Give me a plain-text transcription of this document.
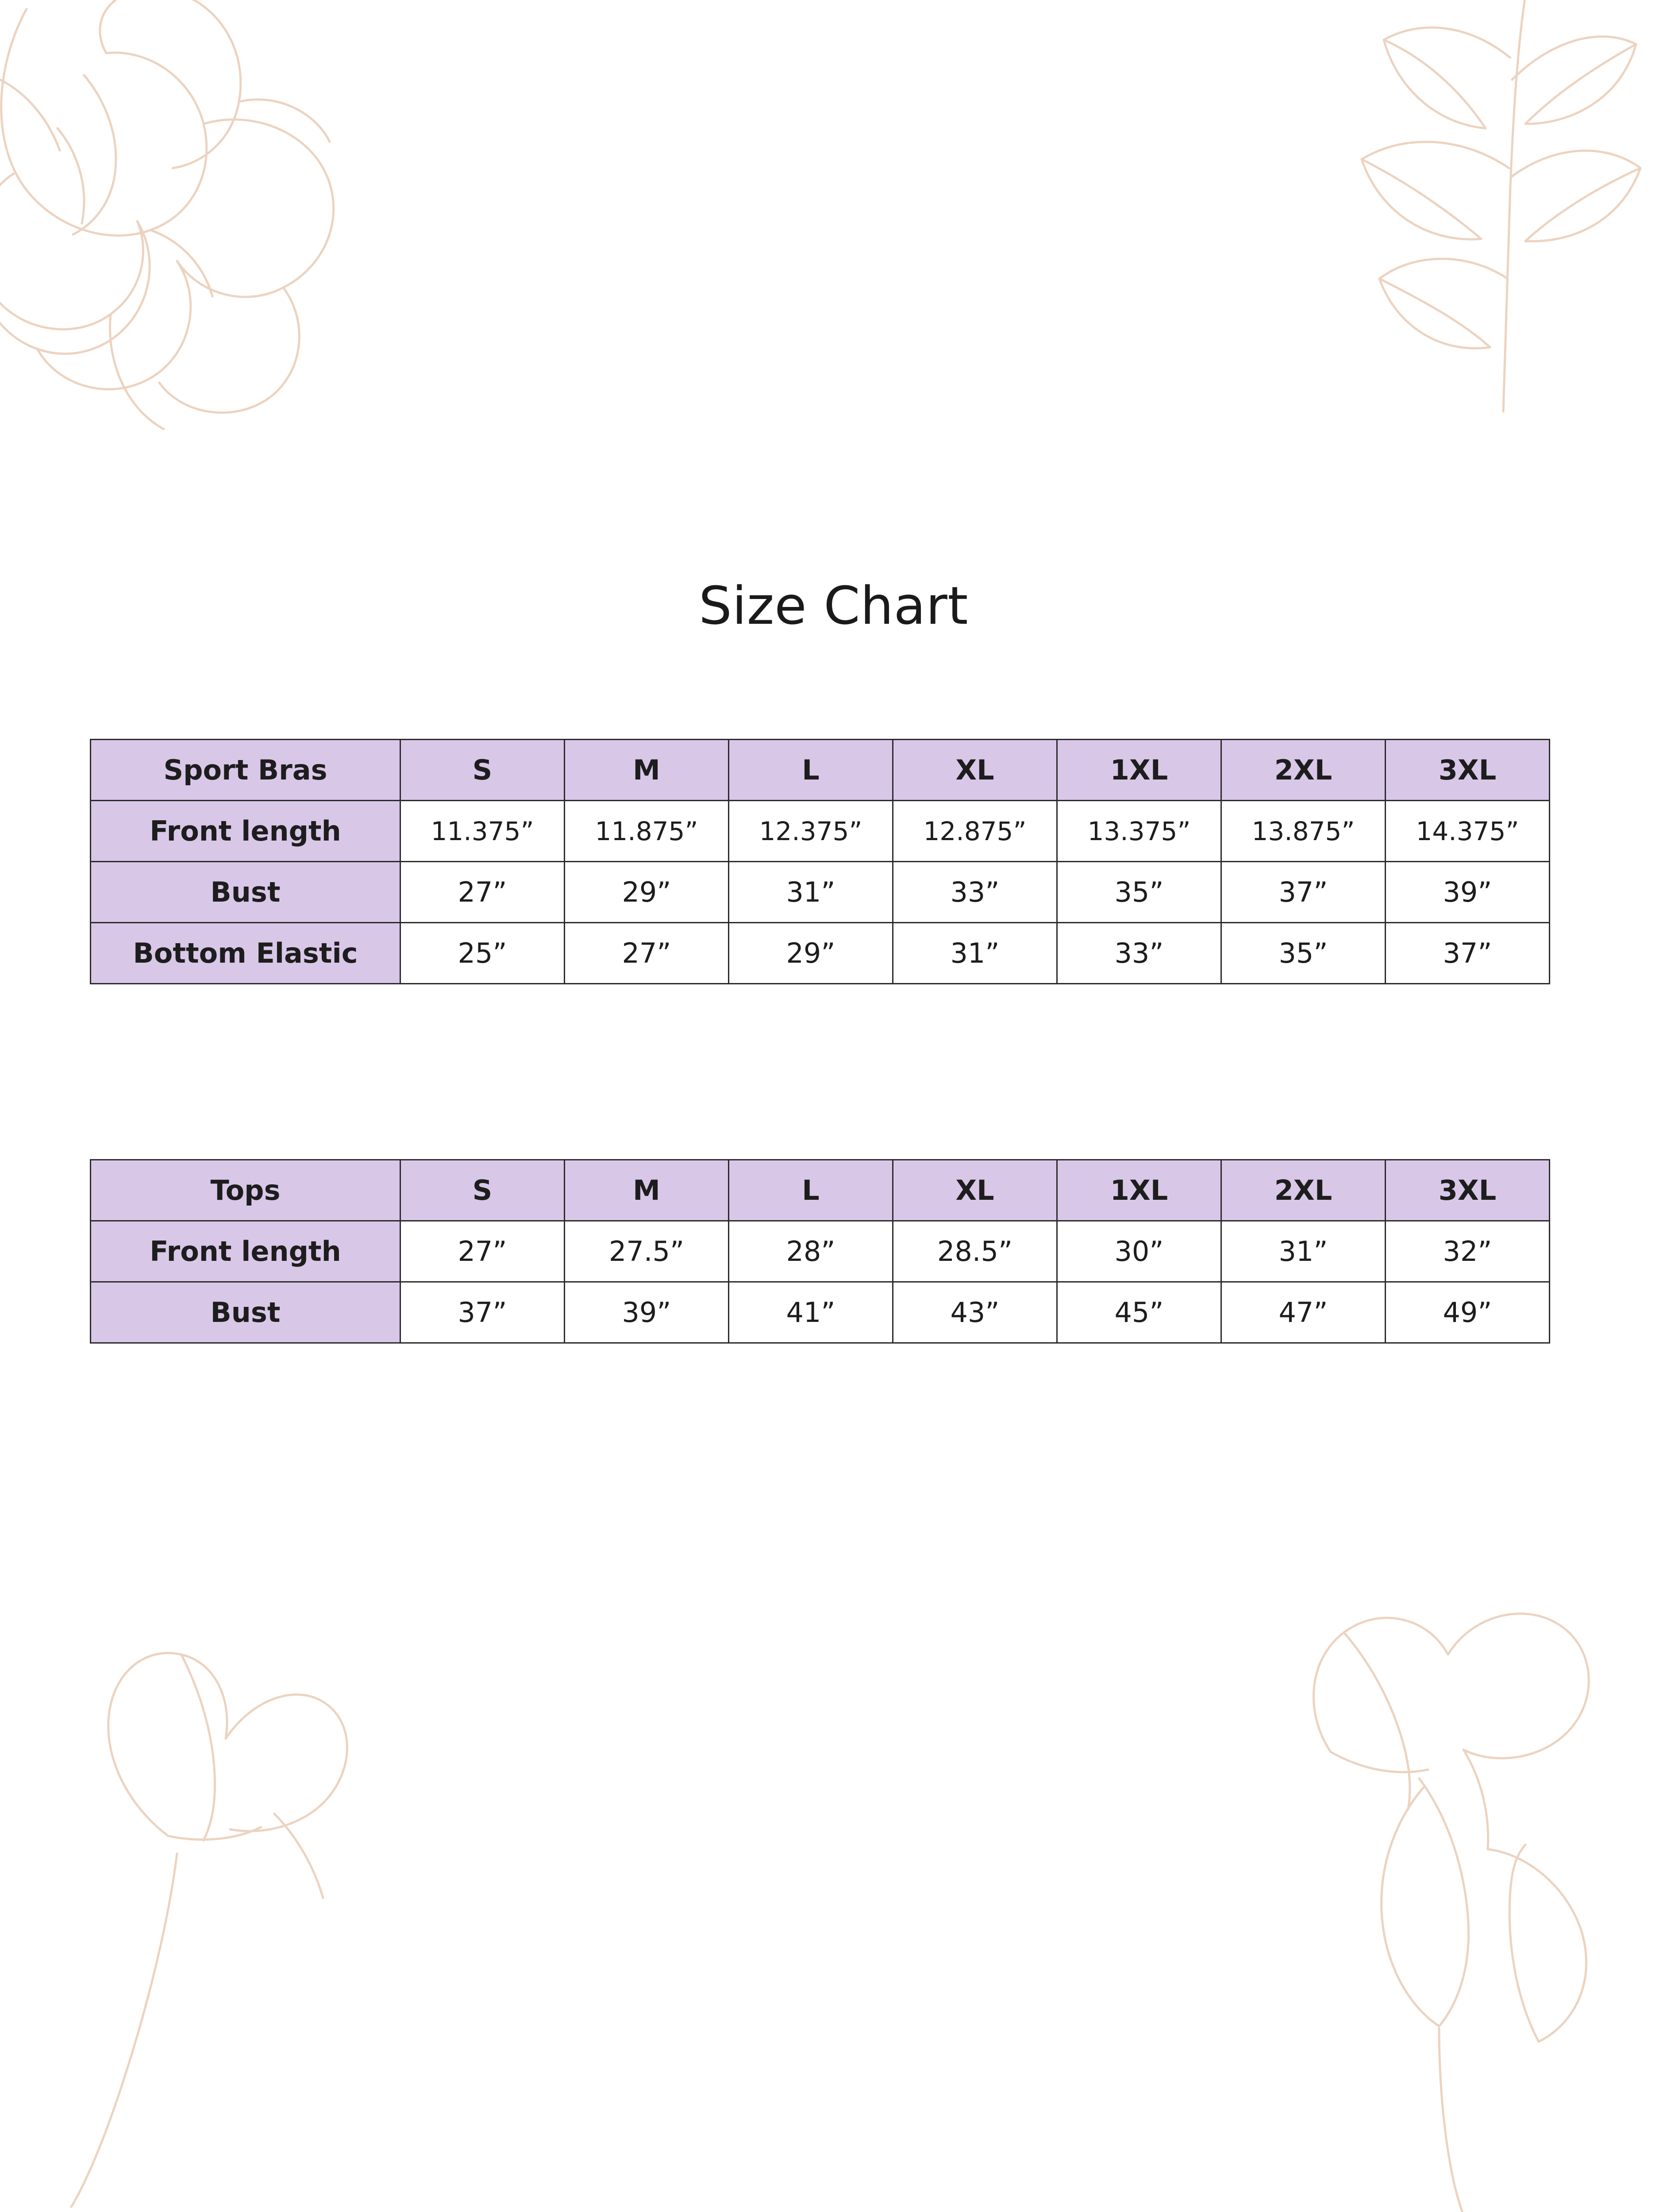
Size Chart
Sport Bras	S	M	L	XL	1XL	2XL	3XL
Front length	11.375”	11.875”	12.375”	12.875”	13.375”	13.875”	14.375”
Bust	27”	29”	31”	33”	35”	37”	39”
Bottom Elastic	25”	27”	29”	31”	33”	35”	37”
Tops	S	M	L	XL	1XL	2XL	3XL
Front length	27”	27.5”	28”	28.5”	30”	31”	32”
Bust	37”	39”	41”	43”	45”	47”	49”
